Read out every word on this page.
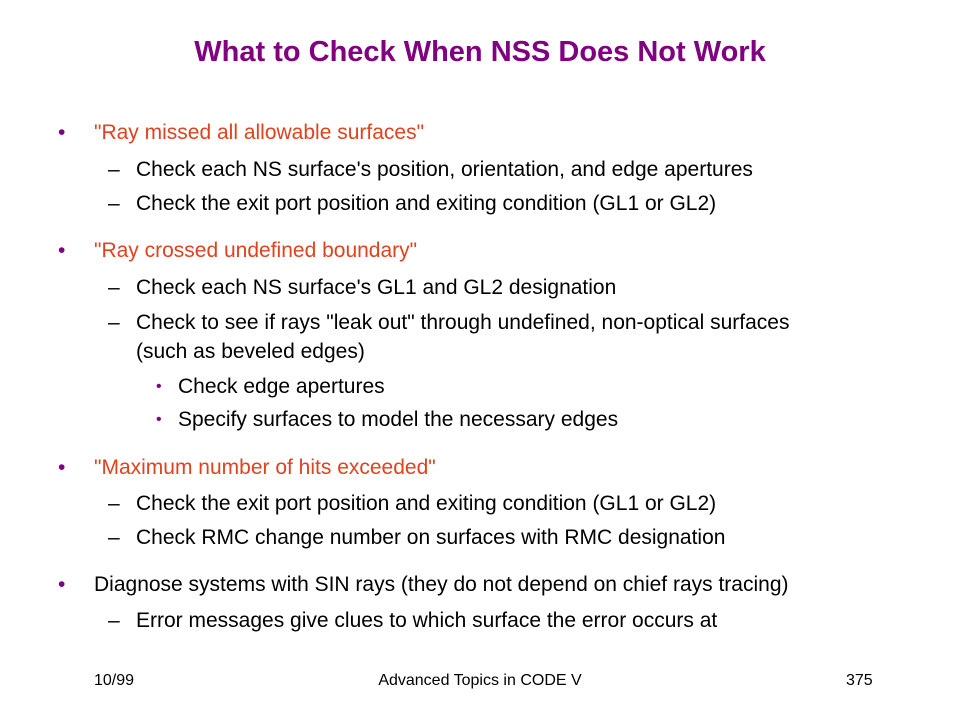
What to Check When NSS Does Not Work
• "Ray missed all allowable surfaces"
– Check each NS surface's position, orientation, and edge apertures
– Check the exit port position and exiting condition (GL1 or GL2)
• "Ray crossed undefined boundary"
– Check each NS surface's GL1 and GL2 designation
– Check to see if rays "leak out" through undefined, non-optical surfaces
(such as beveled edges)
• Check edge apertures
• Specify surfaces to model the necessary edges
• "Maximum number of hits exceeded"
– Check the exit port position and exiting condition (GL1 or GL2)
– Check RMC change number on surfaces with RMC designation
• Diagnose systems with SIN rays (they do not depend on chief rays tracing)
– Error messages give clues to which surface the error occurs at
10/99	Advanced Topics in CODE V	375
